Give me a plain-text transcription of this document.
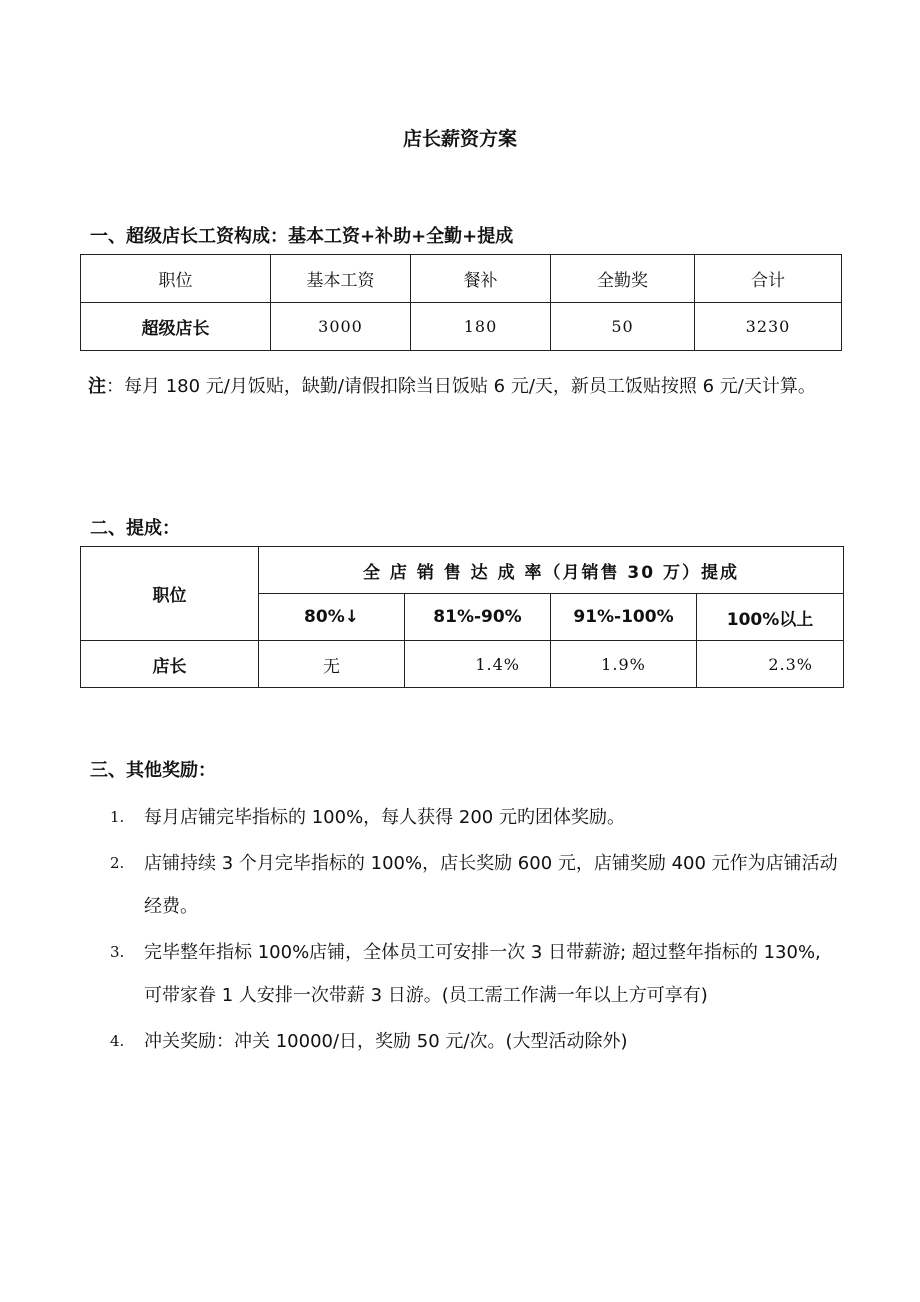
店长薪资方案
一、超级店长工资构成：基本工资+补助+全勤+提成
职位	基本工资	餐补	全勤奖	合计
超级店长	3000	180	50	3230
注：每月 180 元/月饭贴，缺勤/请假扣除当日饭贴 6 元/天，新员工饭贴按照 6 元/天计算。
二、提成：
职位	全 店 销 售 达 成 率（月销售 30 万）提成			
	80%↓	81%-90%	91%-100%	100%以上
店长	无	1.4%	1.9%	2.3%
三、其他奖励：
1. 每月店铺完毕指标的 100%，每人获得 200 元旳团体奖励。
2. 店铺持续 3 个月完毕指标的 100%，店长奖励 600 元，店铺奖励 400 元作为店铺活动经费。
3. 完毕整年指标 100%店铺，全体员工可安排一次 3 日带薪游; 超过整年指标的 130%, 可带家眷 1 人安排一次带薪 3 日游。(员工需工作满一年以上方可享有)
4. 冲关奖励：冲关 10000/日，奖励 50 元/次。(大型活动除外)
